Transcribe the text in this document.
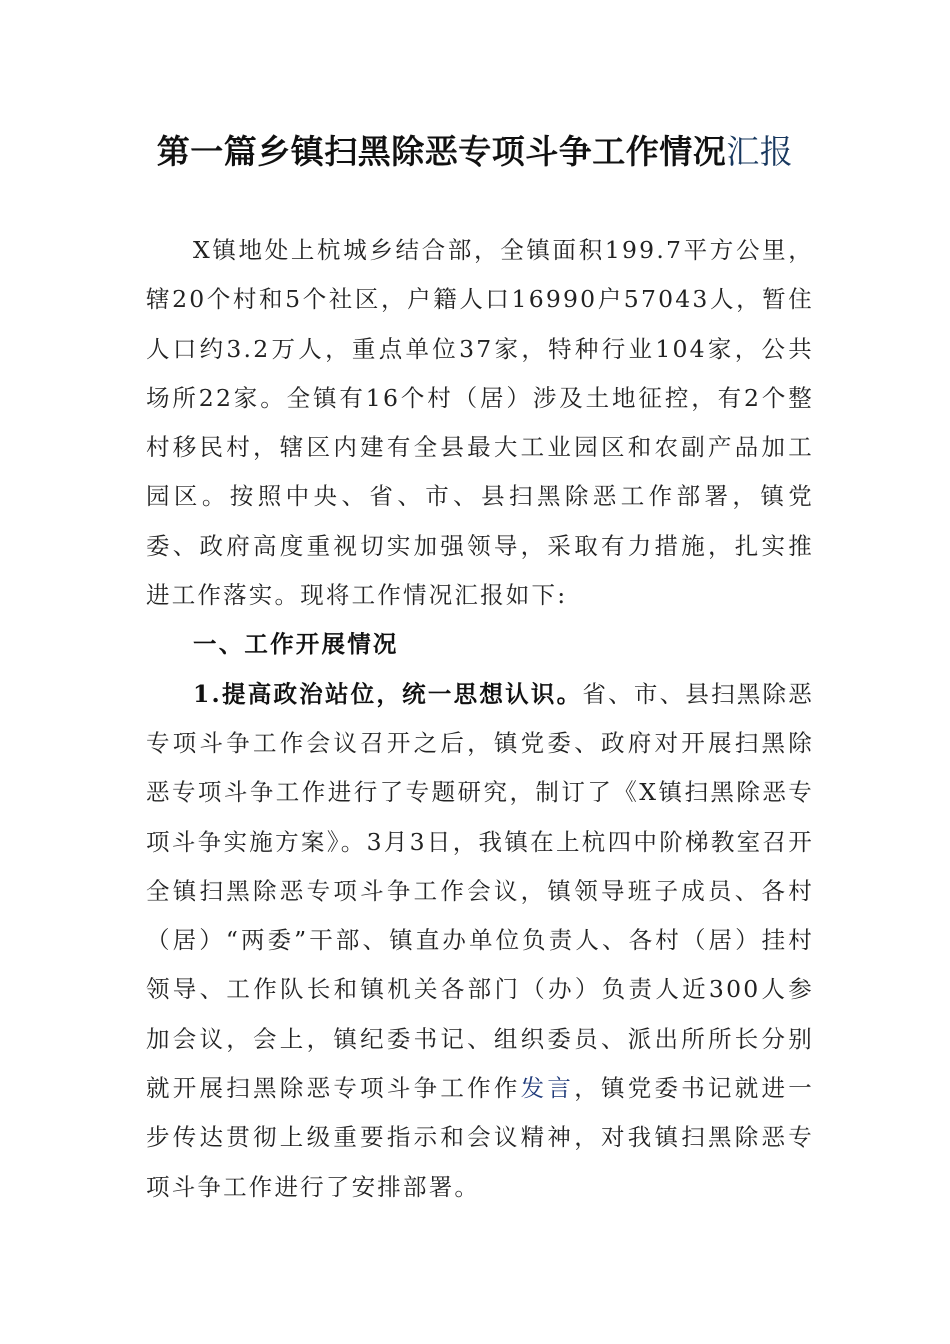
第一篇乡镇扫黑除恶专项斗争工作情况汇报

X镇地处上杭城乡结合部，全镇面积199.7平方公里，辖20个村和5个社区，户籍人口16990户57043人，暂住人口约3.2万人，重点单位37家，特种行业104家，公共场所22家。全镇有16个村（居）涉及土地征控，有2个整村移民村，辖区内建有全县最大工业园区和农副产品加工园区。按照中央、省、市、县扫黑除恶工作部署，镇党委、政府高度重视切实加强领导，采取有力措施，扎实推进工作落实。现将工作情况汇报如下:

一、工作开展情况

1.提高政治站位，统一思想认识。省、市、县扫黑除恶专项斗争工作会议召开之后，镇党委、政府对开展扫黑除恶专项斗争工作进行了专题研究，制订了《X镇扫黑除恶专项斗争实施方案》。3月3日，我镇在上杭四中阶梯教室召开全镇扫黑除恶专项斗争工作会议，镇领导班子成员、各村（居）“两委”干部、镇直办单位负责人、各村（居）挂村领导、工作队长和镇机关各部门（办）负责人近300人参加会议，会上，镇纪委书记、组织委员、派出所所长分别就开展扫黑除恶专项斗争工作作发言，镇党委书记就进一步传达贯彻上级重要指示和会议精神，对我镇扫黑除恶专项斗争工作进行了安排部署。
